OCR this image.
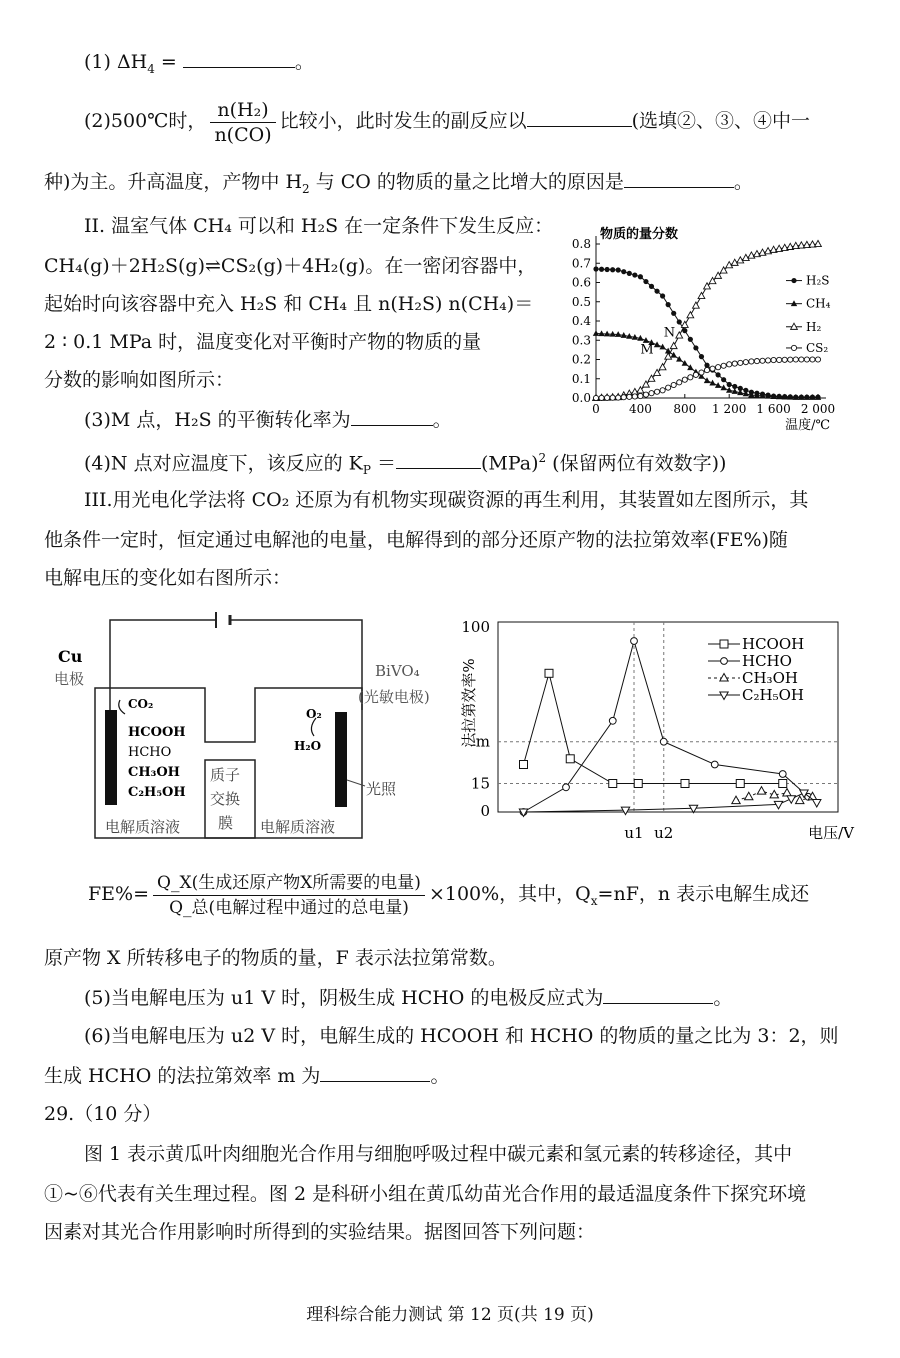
(1) $\Delta H_4$ =	。
(2)500℃时， $\frac{\text{n(H₂)}}{n(CO)}$ 比较小，此时发生的副反应以	(选填②、③、④中一
种)为主。升高温度，产物中 $H_2$ 与 CO 的物质的量之比增大的原因是	。
II. 温室气体 CH₄ 可以和 H₂S 在一定条件下发生反应：
CH₄(g)＋2H₂S(g)⇌CS₂(g)＋4H₂(g)。在一密闭容器中，
起始时向该容器中充入 H₂S 和 CH₄ 且 n(H₂S) n(CH₄)＝
2 ∶ 0.1 MPa 时，温度变化对平衡时产物的物质的量
分数的影响如图所示：
(3)M 点，H₂S 的平衡转化率为	。
(4)N 点对应温度下，该反应的 $K_P$ ＝	(MPa)$^2$ (保留两位有效数字))
0.0
0.1
0.2
0.3
0.4
0.5
0.6
0.7
0.8
0 400 800 1 200 1 600 2 000
物质的量分数
温度/℃
H₂S
CH₄
H₂
CS₂
N
M
III.用光电化学法将 CO₂ 还原为有机物实现碳资源的再生利用，其装置如左图所示，其
他条件一定时，恒定通过电解池的电量，电解得到的部分还原产物的法拉第效率(FE%)随
电解电压的变化如右图所示：
Cu
电极	BiVO₄
(光敏电极)
CO₂
HCOOH
HCHO
CH₃OH
C₂H₅OH
O₂
H₂O
质子
交换
膜
电解质溶液	电解质溶液
光照
0
15
m
100
u1 u2	电压/V
法拉第效率%
HCOOH
HCHO
CH₃OH
C₂H₅OH
$FE\%= \frac{\text{Q\_X(生成还原产物X所需要的电量)}}{\text{Q\_总(电解过程中通过的总电量)}} \times 100\%$，其中，$Q_x=nF$，n 表示电解生成还
原产物 X 所转移电子的物质的量，F 表示法拉第常数。
(5)当电解电压为 u1 V 时，阴极生成 HCHO 的电极反应式为	。
(6)当电解电压为 u2 V 时，电解生成的 HCOOH 和 HCHO 的物质的量之比为 3：2，则
生成 HCHO 的法拉第效率 m 为	。
29.（10 分）
图 1 表示黄瓜叶肉细胞光合作用与细胞呼吸过程中碳元素和氢元素的转移途径，其中
①~⑥代表有关生理过程。图 2 是科研小组在黄瓜幼苗光合作用的最适温度条件下探究环境
因素对其光合作用影响时所得到的实验结果。据图回答下列问题：
理科综合能力测试 第 12 页(共 19 页)
